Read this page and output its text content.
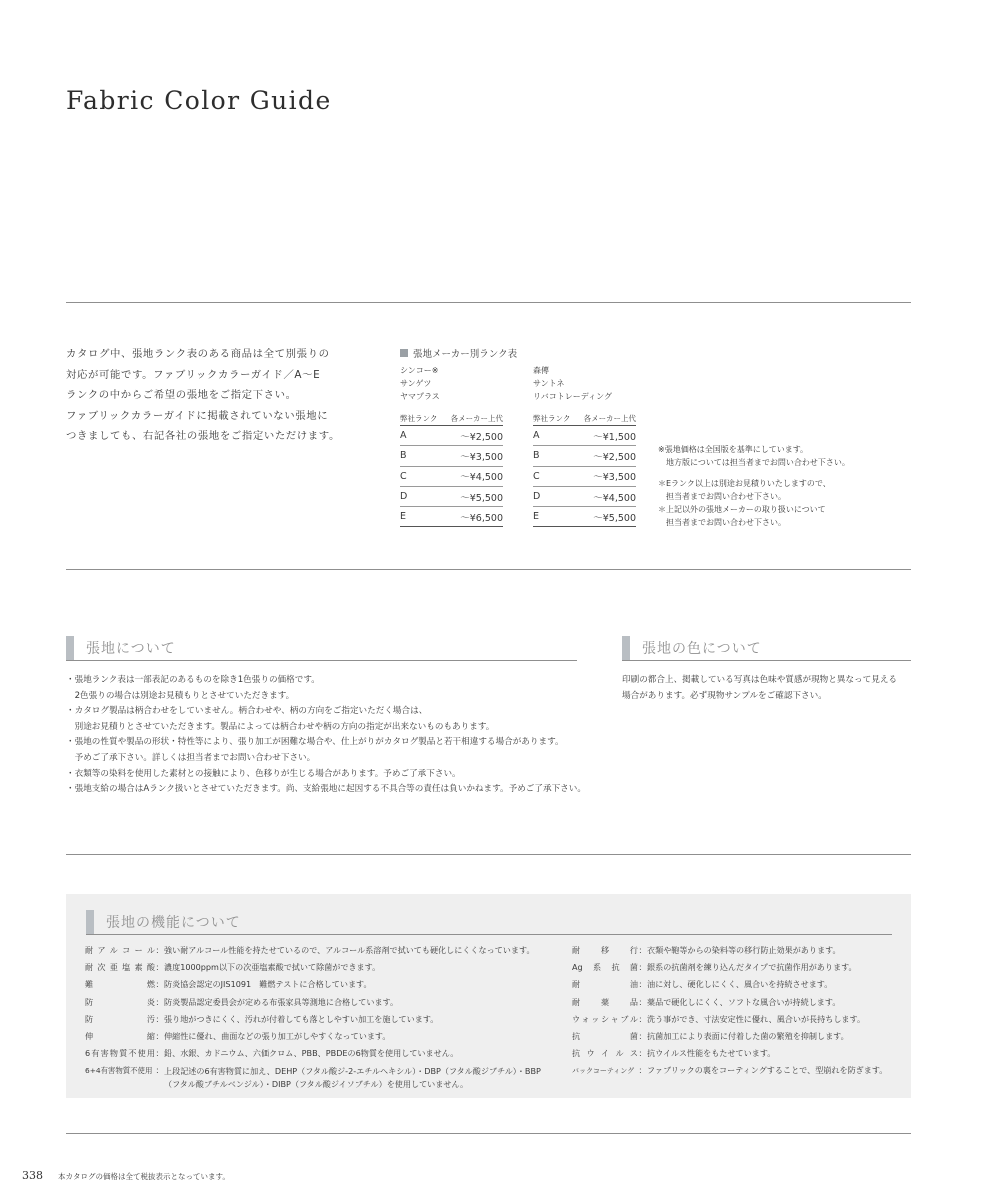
Fabric Color Guide
カタログ中、張地ランク表のある商品は全て別張りの
対応が可能です。ファブリックカラーガイド／A〜E
ランクの中からご希望の張地をご指定下さい。
ファブリックカラーガイドに掲載されていない張地に
つきましても、右記各社の張地をご指定いただけます。
張地メーカー別ランク表
シンコー※
サンゲツ
ヤマプラス
森傳
サントネ
リバコトレーディング
弊社ランク 各メーカー上代
A	〜¥2,500
B	〜¥3,500
C	〜¥4,500
D	〜¥5,500
E	〜¥6,500
弊社ランク 各メーカー上代
A	〜¥1,500
B	〜¥2,500
C	〜¥3,500
D	〜¥4,500
E	〜¥5,500
※張地価格は全国版を基準にしています。
　地方版については担当者までお問い合わせ下さい。
＊Eランク以上は別途お見積りいたしますので、
　担当者までお問い合わせ下さい。
＊上記以外の張地メーカーの取り扱いについて
　担当者までお問い合わせ下さい。
張地について	張地の色について
・張地ランク表は一部表記のあるものを除き1色張りの価格です。
　2色張りの場合は別途お見積もりとさせていただきます。
・カタログ製品は柄合わせをしていません。柄合わせや、柄の方向をご指定いただく場合は、
　別途お見積りとさせていただきます。製品によっては柄合わせや柄の方向の指定が出来ないものもあります。
・張地の性質や製品の形状・特性等により、張り加工が困難な場合や、仕上がりがカタログ製品と若干相違する場合があります。
　予めご了承下さい。詳しくは担当者までお問い合わせ下さい。
・衣類等の染料を使用した素材との接触により、色移りが生じる場合があります。予めご了承下さい。
・張地支給の場合はAランク扱いとさせていただきます。尚、支給張地に起因する不具合等の責任は負いかねます。予めご了承下さい。
印刷の都合上、掲載している写真は色味や質感が現物と異なって見える
場合があります。必ず現物サンプルをご確認下さい。
張地の機能について
耐アルコール ： 強い耐アルコール性能を持たせているので、アルコール系溶剤で拭いても硬化しにくくなっています。
耐次亜塩素酸 ： 濃度1000ppm以下の次亜塩素酸で拭いて除菌ができます。
難燃 ： 防炎協会認定のJIS1091　難燃テストに合格しています。
防炎 ： 防炎製品認定委員会が定める布張家具等測地に合格しています。
防汚 ： 張り地がつきにくく、汚れが付着しても落としやすい加工を施しています。
伸縮 ： 伸縮性に優れ、曲面などの張り加工がしやすくなっています。
6有害物質不使用 ： 鉛、水銀、カドニウム、六価クロム、PBB、PBDEの6物質を使用していません。
6+4有害物質不使用 ： 上段記述の6有害物質に加え、DEHP（フタル酸ジ-2-エチルヘキシル）・DBP（フタル酸ジブチル）・BBP
（フタル酸ブチルベンジル）・DIBP（フタル酸ジイソブチル）を使用していません。
耐移行 ： 衣類や鞄等からの染料等の移行防止効果があります。
Ag系抗菌 ： 銀系の抗菌剤を練り込んだタイプで抗菌作用があります。
耐油 ： 油に対し、硬化しにくく、風合いを持続させます。
耐薬品 ： 薬品で硬化しにくく、ソフトな風合いが持続します。
ウォッシャブル ： 洗う事ができ、寸法安定性に優れ、風合いが長持ちします。
抗菌 ： 抗菌加工により表面に付着した菌の繁殖を抑制します。
抗ウイルス ： 抗ウイルス性能をもたせています。
バックコーティング ： ファブリックの裏をコーティングすることで、型崩れを防ぎます。
338 本カタログの価格は全て税抜表示となっています。
